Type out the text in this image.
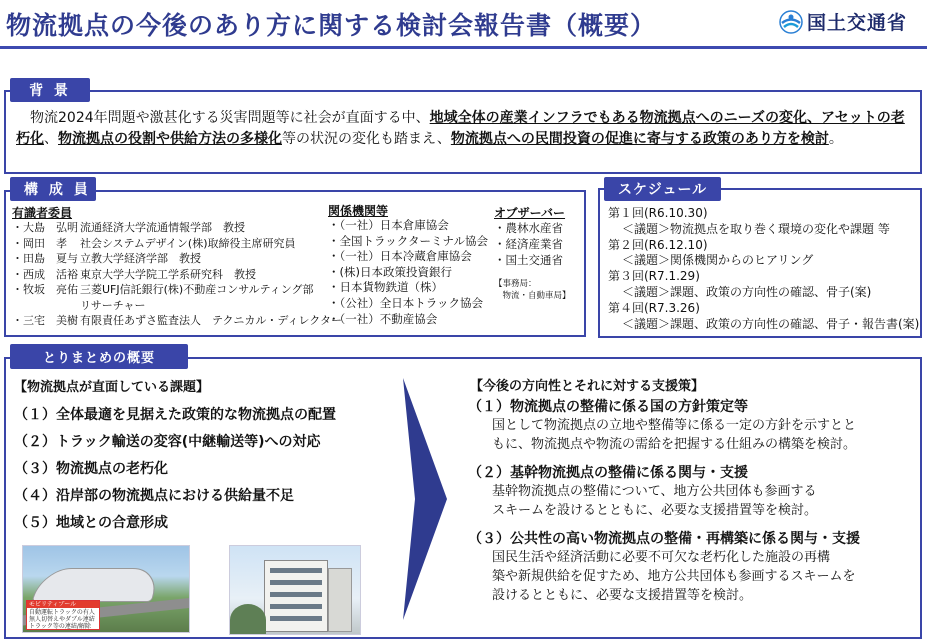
物流拠点の今後のあり方に関する検討会報告書（概要）	国土交通省
　物流2024年問題や激甚化する災害問題等に社会が直面する中、地域全体の産業インフラでもある物流拠点へのニーズの変化、アセットの老朽化、物流拠点の役割や供給方法の多様化等の状況の変化も踏まえ、物流拠点への民間投資の促進に寄与する政策のあり方を検討。
背 景
構 成 員
有識者委員
・大島　弘明 流通経済大学流通情報学部　教授
・岡田　孝 社会システムデザイン(株)取締役主席研究員
・田島　夏与 立教大学経済学部　教授
・西成　活裕 東京大学大学院工学系研究科　教授
・牧坂　亮佑 三菱UFJ信託銀行(株)不動産コンサルティング部
リサーチャー
・三宅　美樹 有限責任あずさ監査法人　テクニカル・ディレクター
関係機関等
・（一社）日本倉庫協会
・全国トラックターミナル協会
・（一社）日本冷蔵倉庫協会
・(株)日本政策投資銀行
・日本貨物鉄道（株）
・（公社）全日本トラック協会
・（一社）不動産協会
オブザーバー
・農林水産省
・経済産業省
・国土交通省
【事務局：
　物流・自動車局】
スケジュール
第１回(R6.10.30)
＜議題＞物流拠点を取り巻く環境の変化や課題 等
第２回(R6.12.10)
＜議題＞関係機関からのヒアリング
第３回(R7.1.29)
＜議題＞課題、政策の方向性の確認、骨子(案)
第４回(R7.3.26)
＜議題＞課題、政策の方向性の確認、骨子・報告書(案)
とりまとめの概要
【物流拠点が直面している課題】
（１）全体最適を見据えた政策的な物流拠点の配置
（２）トラック輸送の変容(中継輸送等)への対応
（３）物流拠点の老朽化
（４）沿岸部の物流拠点における供給量不足
（５）地域との合意形成
【今後の方向性とそれに対する支援策】
（１）物流拠点の整備に係る国の方針策定等
国として物流拠点の立地や整備等に係る一定の方針を示すとと
もに、物流拠点や物流の需給を把握する仕組みの構築を検討。
（２）基幹物流拠点の整備に係る関与・支援
基幹物流拠点の整備について、地方公共団体も参画する
スキームを設けるとともに、必要な支援措置等を検討。
（３）公共性の高い物流拠点の整備・再構築に係る関与・支援
国民生活や経済活動に必要不可欠な老朽化した施設の再構
築や新規供給を促すため、地方公共団体も参画するスキームを
設けるとともに、必要な支援措置等を検討。
モビリティプール
自動運転トラックの有人
無人切替えやダブル連結
トラック等の連結/解除
